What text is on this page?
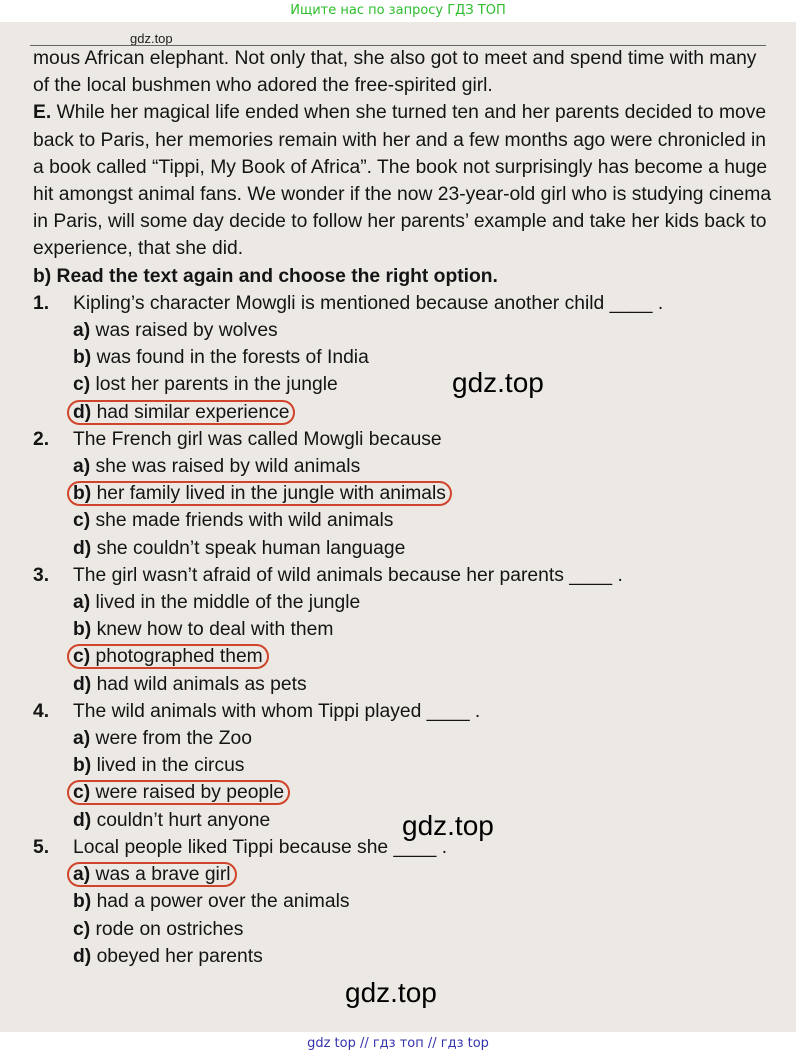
Ищите нас по запросу ГДЗ ТОП
gdz.top

mous African elephant. Not only that, she also got to meet and spend time with many of the local bushmen who adored the free-spirited girl.

E. While her magical life ended when she turned ten and her parents decided to move back to Paris, her memories remain with her and a few months ago were chronicled in a book called “Tippi, My Book of Africa”. The book not surprisingly has become a huge hit amongst animal fans. We wonder if the now 23-year-old girl who is studying cinema in Paris, will some day decide to follow her parents’ example and take her kids back to experience, that she did.

b) Read the text again and choose the right option.

1. Kipling’s character Mowgli is mentioned because another child ____ .

a) was raised by wolves

b) was found in the forests of India

c) lost her parents in the jungle

d) had similar experience

2. The French girl was called Mowgli because

a) she was raised by wild animals

b) her family lived in the jungle with animals

c) she made friends with wild animals

d) she couldn’t speak human language

3. The girl wasn’t afraid of wild animals because her parents ____ .

a) lived in the middle of the jungle

b) knew how to deal with them

c) photographed them

d) had wild animals as pets

4. The wild animals with whom Tippi played ____ .

a) were from the Zoo

b) lived in the circus

c) were raised by people

d) couldn’t hurt anyone

5. Local people liked Tippi because she ____ .

a) was a brave girl

b) had a power over the animals

c) rode on ostriches

d) obeyed her parents

gdz.top
gdz.top
gdz.top
gdz top // гдз топ // гдз top
